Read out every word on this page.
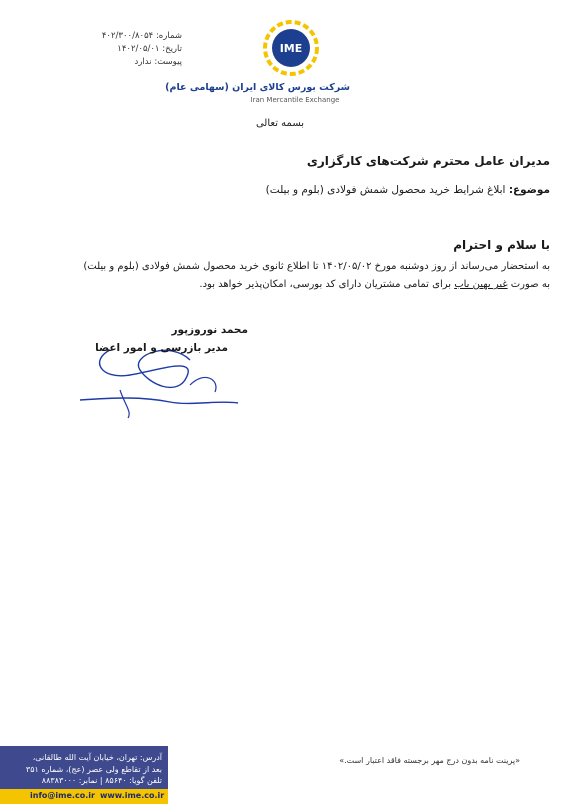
شماره: ۴۰۲/۳۰۰/۸۰۵۴
تاریخ: ۱۴۰۲/۰۵/۰۱
پیوست: ندارد
IME
شرکت بورس کالای ایران (سهامی عام)
Iran Mercantile Exchange
بسمه تعالی
مدیران عامل محترم شرکت‌های کارگزاری
موضوع: ابلاغ شرایط خرید محصول شمش فولادی (بلوم و بیلت)
با سلام و احترام
به استحضار می‌رساند از روز دوشنبه مورخ ۱۴۰۲/۰۵/۰۲ تا اطلاع ثانوی خرید محصول شمش فولادی (بلوم و بیلت)
به صورت غیر بهین یاب برای تمامی مشتریان دارای کد بورسی، امکان‌پذیر خواهد بود.
محمد نوروزپور
مدیر بازرسی و امور اعضا
آدرس: تهران، خیابان آیت الله طالقانی،
بعد از تقاطع ولی عصر (عج)، شماره ۳۵۱
تلفن گویا: ۸۵۶۴۰ | نمابر: ۸۸۳۸۳۰۰۰
info@ime.co.ir www.ime.co.ir
«پرینت نامه بدون درج مهر برجسته فاقد اعتبار است.»
